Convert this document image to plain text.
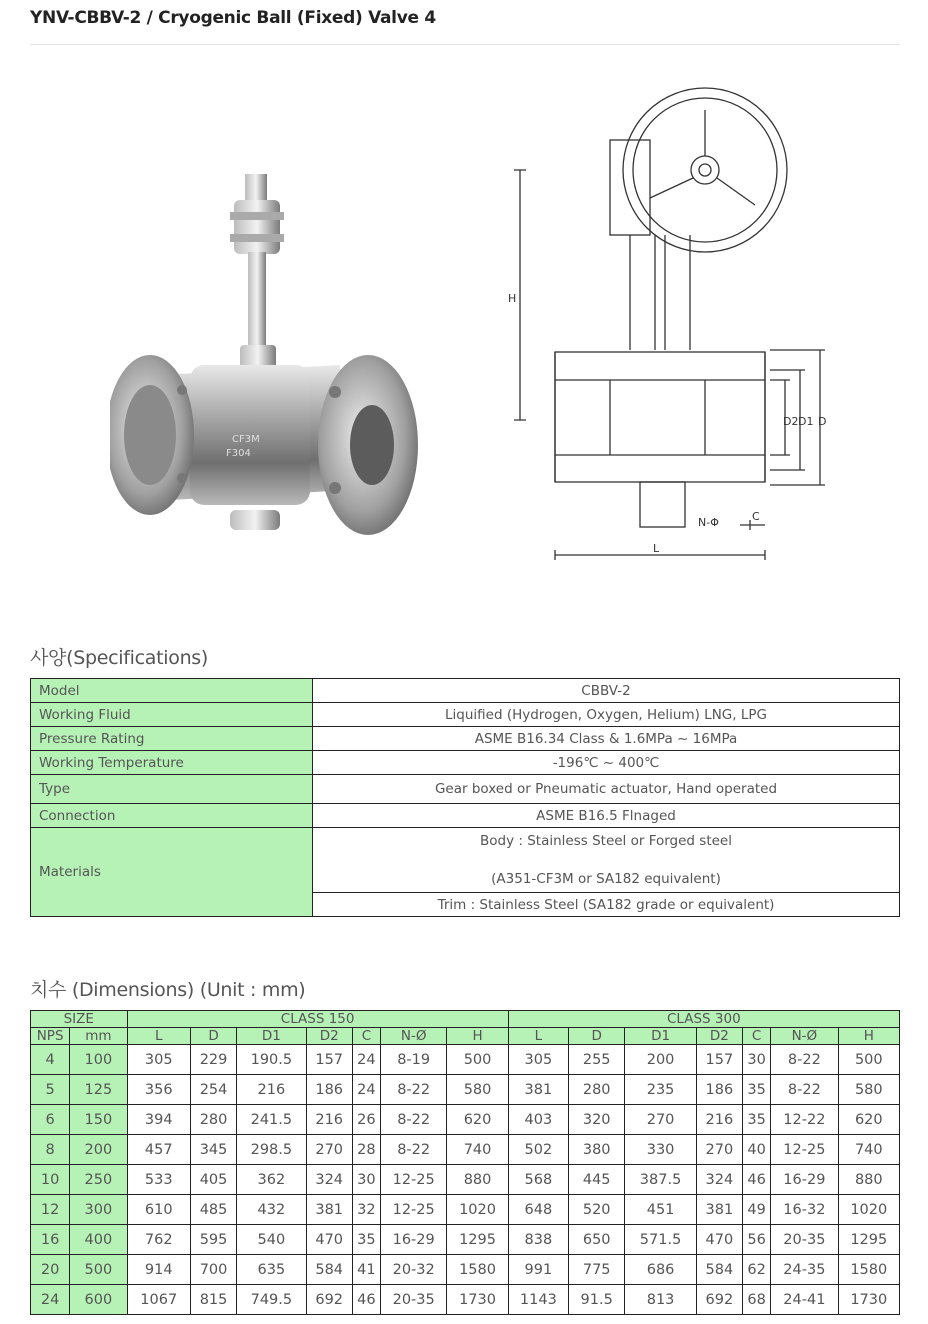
YNV-CBBV-2 / Cryogenic Ball (Fixed) Valve 4
CF3M
F304
H
D2 D1 D
C
N-Φ
L
사양(Specifications)
Model	CBBV-2
Working Fluid	Liquified (Hydrogen, Oxygen, Helium) LNG, LPG
Pressure Rating	ASME B16.34 Class & 1.6MPa ~ 16MPa
Working Temperature	-196℃ ~ 400℃
Type	Gear boxed or Pneumatic actuator, Hand operated
Connection	ASME B16.5 Flnaged
Materials	Body : Stainless Steel or Forged steel
(A351-CF3M or SA182 equivalent)

	Trim : Stainless Steel (SA182 grade or equivalent)
치수 (Dimensions) (Unit : mm)
SIZE		CLASS 150							CLASS 300						
NPS	mm	L	D	D1	D2	C	N-Ø	H	L	D	D1	D2	C	N-Ø	H
4	100	305	229	190.5	157	24	8-19	500	305	255	200	157	30	8-22	500
5	125	356	254	216	186	24	8-22	580	381	280	235	186	35	8-22	580
6	150	394	280	241.5	216	26	8-22	620	403	320	270	216	35	12-22	620
8	200	457	345	298.5	270	28	8-22	740	502	380	330	270	40	12-25	740
10	250	533	405	362	324	30	12-25	880	568	445	387.5	324	46	16-29	880
12	300	610	485	432	381	32	12-25	1020	648	520	451	381	49	16-32	1020
16	400	762	595	540	470	35	16-29	1295	838	650	571.5	470	56	20-35	1295
20	500	914	700	635	584	41	20-32	1580	991	775	686	584	62	24-35	1580
24	600	1067	815	749.5	692	46	20-35	1730	1143	91.5	813	692	68	24-41	1730
